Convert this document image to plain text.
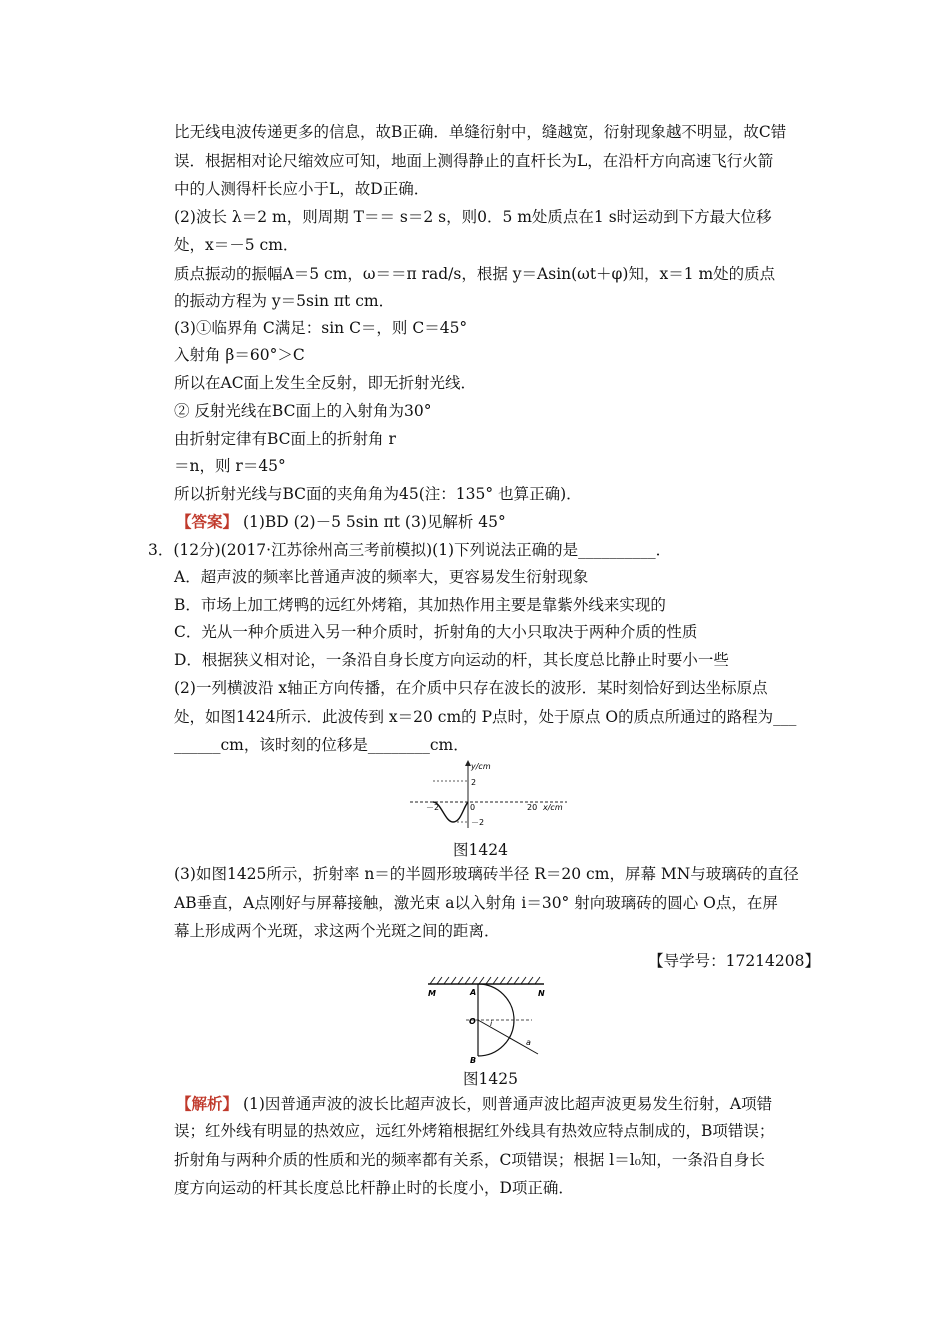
比无线电波传递更多的信息，故B正确．单缝衍射中，缝越宽，衍射现象越不明显，故C错
误．根据相对论尺缩效应可知，地面上测得静止的直杆长为L，在沿杆方向高速飞行火箭
中的人测得杆长应小于L，故D正确．
(2)波长 λ＝2 m，则周期 T＝＝ s＝2 s，则0．5 m处质点在1 s时运动到下方最大位移
处，x＝－5 cm．
质点振动的振幅A＝5 cm，ω＝＝π rad/s，根据 y＝Asin(ωt＋φ)知，x＝1 m处的质点
的振动方程为 y＝5sin πt cm．
(3)①临界角 C满足：sin C＝，则 C＝45°
入射角 β＝60°＞C
所以在AC面上发生全反射，即无折射光线．
② 反射光线在BC面上的入射角为30°
由折射定律有BC面上的折射角 r
＝n，则 r＝45°
所以折射光线与BC面的夹角角为45(注：135° 也算正确)．
【答案】 (1)BD (2)－5 5sin πt (3)见解析 45°
3．(12分)(2017·江苏徐州高三考前模拟)(1)下列说法正确的是__________．
A．超声波的频率比普通声波的频率大，更容易发生衍射现象
B．市场上加工烤鸭的远红外烤箱，其加热作用主要是靠紫外线来实现的
C．光从一种介质进入另一种介质时，折射角的大小只取决于两种介质的性质
D．根据狭义相对论，一条沿自身长度方向运动的杆，其长度总比静止时要小一些
(2)一列横波沿 x轴正方向传播，在介质中只存在波长的波形．某时刻恰好到达坐标原点
处，如图1424所示．此波传到 x＝20 cm的 P点时，处于原点 O的质点所通过的路程为___
______cm，该时刻的位移是________cm．
y/cm
2
－2
－2	0	20 x/cm
图1424
(3)如图1425所示，折射率 n＝的半圆形玻璃砖半径 R＝20 cm，屏幕 MN与玻璃砖的直径
AB垂直，A点刚好与屏幕接触，激光束 a以入射角 i＝30° 射向玻璃砖的圆心 O点，在屏
幕上形成两个光斑，求这两个光斑之间的距离．
【导学号：17214208】
M	N
A
B
O i
a
图1425
【解析】 (1)因普通声波的波长比超声波长，则普通声波比超声波更易发生衍射，A项错
误；红外线有明显的热效应，远红外烤箱根据红外线具有热效应特点制成的，B项错误；
折射角与两种介质的性质和光的频率都有关系，C项错误；根据 l＝l₀知，一条沿自身长
度方向运动的杆其长度总比杆静止时的长度小，D项正确．
